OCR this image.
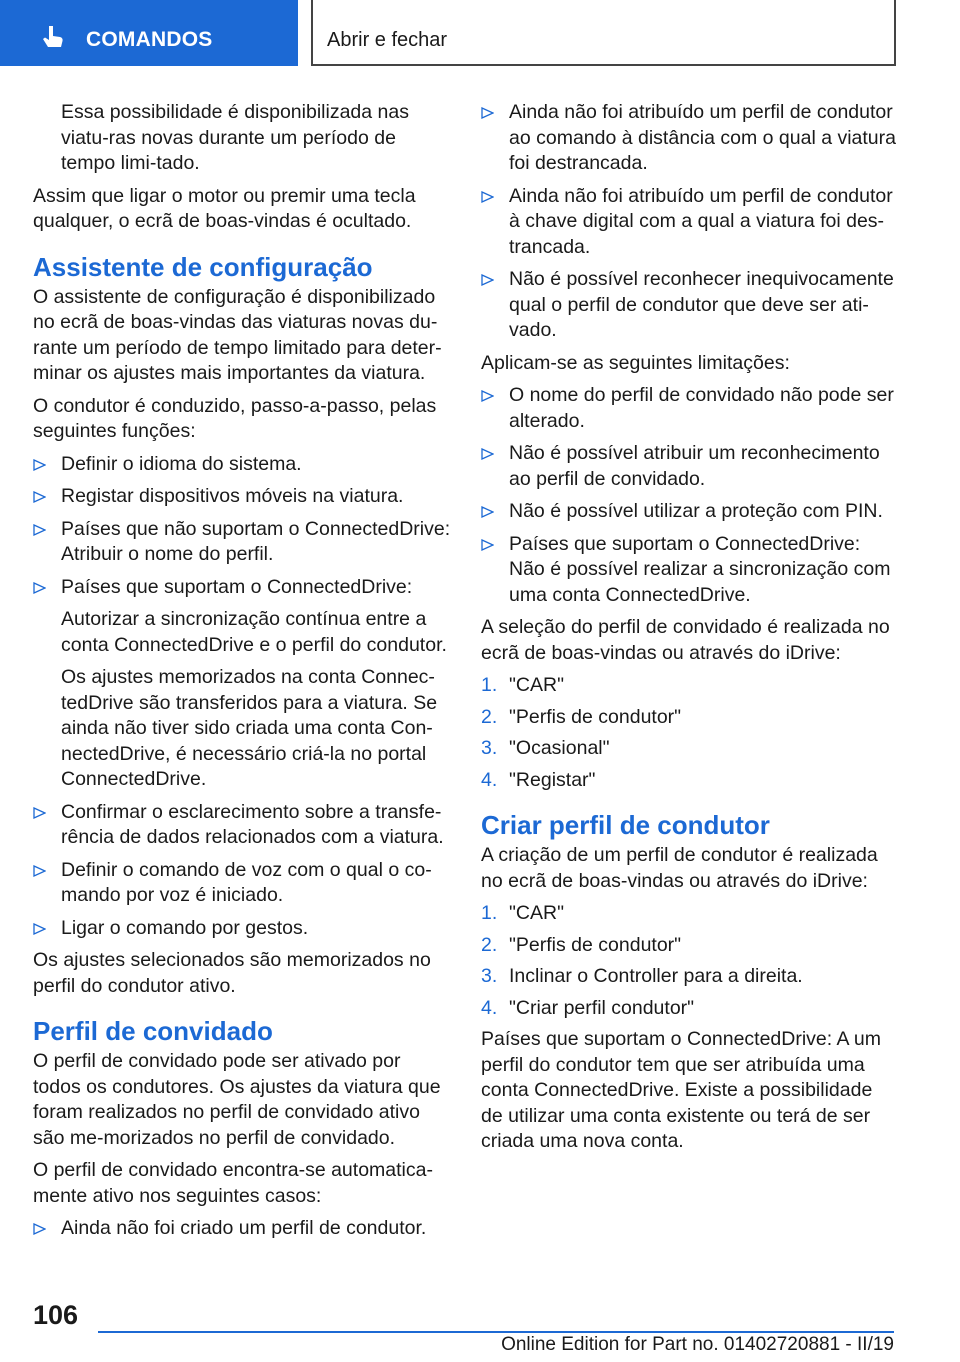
COMANDOS	Abrir e fechar
Essa possibilidade é disponibilizada nas viatu-ras novas durante um período de tempo limi-tado.
Assim que ligar o motor ou premir uma tecla qualquer, o ecrã de boas-vindas é ocultado.
Assistente de configuração
O assistente de configuração é disponibilizado no ecrã de boas-vindas das viaturas novas du-rante um período de tempo limitado para deter-minar os ajustes mais importantes da viatura.
O condutor é conduzido, passo-a-passo, pelas seguintes funções:
Definir o idioma do sistema.
Registar dispositivos móveis na viatura.
Países que não suportam o ConnectedDrive: Atribuir o nome do perfil.
Países que suportam o ConnectedDrive:
Autorizar a sincronização contínua entre a conta ConnectedDrive e o perfil do condutor.
Os ajustes memorizados na conta Connec-tedDrive são transferidos para a viatura. Se ainda não tiver sido criada uma conta Con-nectedDrive, é necessário criá-la no portal ConnectedDrive.
Confirmar o esclarecimento sobre a transfe-rência de dados relacionados com a viatura.
Definir o comando de voz com o qual o co-mando por voz é iniciado.
Ligar o comando por gestos.
Os ajustes selecionados são memorizados no perfil do condutor ativo.
Perfil de convidado
O perfil de convidado pode ser ativado por todos os condutores. Os ajustes da viatura que foram realizados no perfil de convidado ativo são me-morizados no perfil de convidado.
O perfil de convidado encontra-se automatica-mente ativo nos seguintes casos:
Ainda não foi criado um perfil de condutor.
Ainda não foi atribuído um perfil de condutor ao comando à distância com o qual a viatura foi destrancada.
Ainda não foi atribuído um perfil de condutor à chave digital com a qual a viatura foi des-trancada.
Não é possível reconhecer inequivocamente qual o perfil de condutor que deve ser ati-vado.
Aplicam-se as seguintes limitações:
O nome do perfil de convidado não pode ser alterado.
Não é possível atribuir um reconhecimento ao perfil de convidado.
Não é possível utilizar a proteção com PIN.
Países que suportam o ConnectedDrive: Não é possível realizar a sincronização com uma conta ConnectedDrive.
A seleção do perfil de convidado é realizada no ecrã de boas-vindas ou através do iDrive:
1. "CAR"
2. "Perfis de condutor"
3. "Ocasional"
4. "Registar"
Criar perfil de condutor
A criação de um perfil de condutor é realizada no ecrã de boas-vindas ou através do iDrive:
1. "CAR"
2. "Perfis de condutor"
3. Inclinar o Controller para a direita.
4. "Criar perfil condutor"
Países que suportam o ConnectedDrive: A um perfil do condutor tem que ser atribuída uma conta ConnectedDrive. Existe a possibilidade de utilizar uma conta existente ou terá de ser criada uma nova conta.
106
Online Edition for Part no. 01402720881 - II/19
